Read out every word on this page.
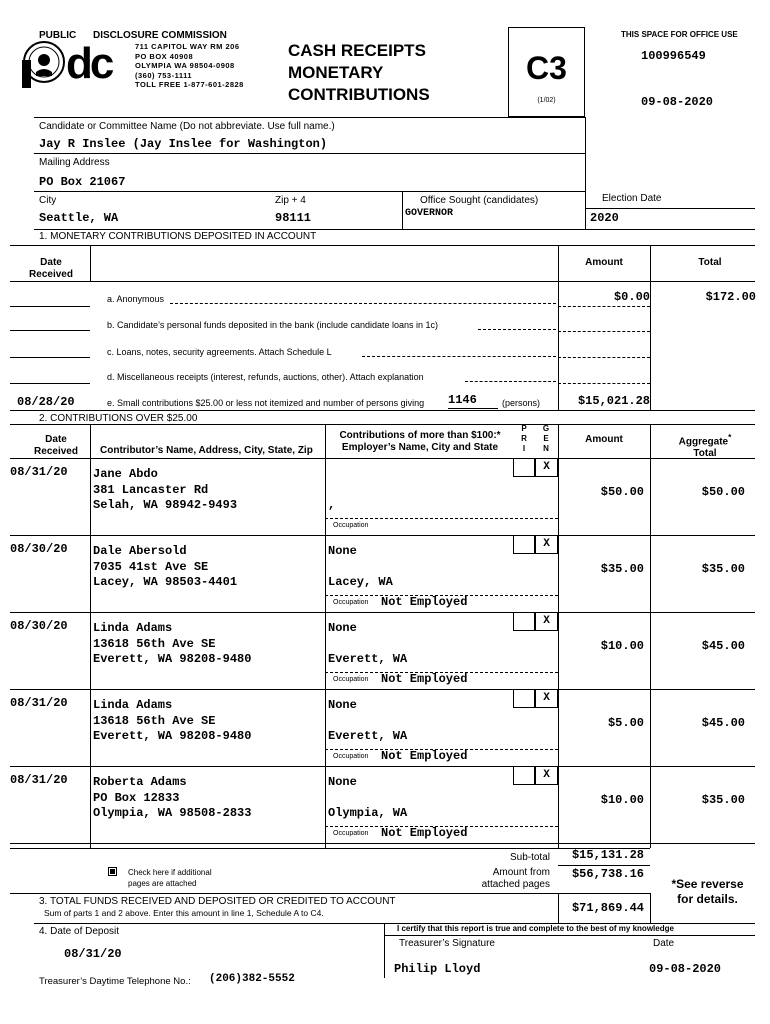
PUBLIC DISCLOSURE COMMISSION
dc	711 CAPITOL WAY RM 206
PO BOX 40908
OLYMPIA WA 98504-0908
(360) 753-1111
TOLL FREE 1-877-601-2828
CASH RECEIPTS
MONETARY
CONTRIBUTIONS
C3
(1/02)
THIS SPACE FOR OFFICE USE
100996549
09-08-2020
Candidate or Committee Name (Do not abbreviate. Use full name.)
Jay R Inslee (Jay Inslee for Washington)
Mailing Address
PO Box 21067
City
Seattle, WA
Zip + 4
98111
Office Sought (candidates)
GOVERNOR
Election Date
2020
1. MONETARY CONTRIBUTIONS DEPOSITED IN ACCOUNT
Date Received
Amount	Total
a. Anonymous	$0.00	$172.00
b. Candidate’s personal funds deposited in the bank (include candidate loans in 1c)
c. Loans, notes, security agreements. Attach Schedule L
d. Miscellaneous receipts (interest, refunds, auctions, other). Attach explanation
08/28/20	e. Small contributions $25.00 or less not itemized and number of persons giving 1146	(persons)	$15,021.28
2. CONTRIBUTIONS OVER $25.00
Date Received	Contributor’s Name, Address, City, State, Zip
Contributions of more than $100:* Employer’s Name, City and State
P
R
I
G
E
N
Amount	Aggregate*
Total
08/31/20 Jane Abdo
381 Lancaster Rd
Selah, WA 98942-9493	,
Occupation
X
$50.00	$50.00
08/30/20 Dale Abersold
7035 41st Ave SE
Lacey, WA 98503-4401
None
Lacey, WA
Occupation Not Employed
X
$35.00	$35.00
08/30/20 Linda Adams
13618 56th Ave SE
Everett, WA 98208-9480
None
Everett, WA
Occupation Not Employed
X
$10.00	$45.00
08/31/20 Linda Adams
13618 56th Ave SE
Everett, WA 98208-9480
None
Everett, WA
Occupation Not Employed
X
$5.00	$45.00
08/31/20 Roberta Adams
PO Box 12833
Olympia, WA 98508-2833
None
Olympia, WA
Occupation Not Employed
X
$10.00	$35.00
Check here if additional
pages are attached
Sub-total	$15,131.28
Amount from
attached pages
$56,738.16
*See reverse
for details.
3. TOTAL FUNDS RECEIVED AND DEPOSITED OR CREDITED TO ACCOUNT
Sum of parts 1 and 2 above. Enter this amount in line 1, Schedule A to C4.	$71,869.44
4. Date of Deposit
08/31/20
I certify that this report is true and complete to the best of my knowledge
Treasurer’s Signature	Date
Philip Lloyd	09-08-2020
Treasurer’s Daytime Telephone No.: (206)382-5552
